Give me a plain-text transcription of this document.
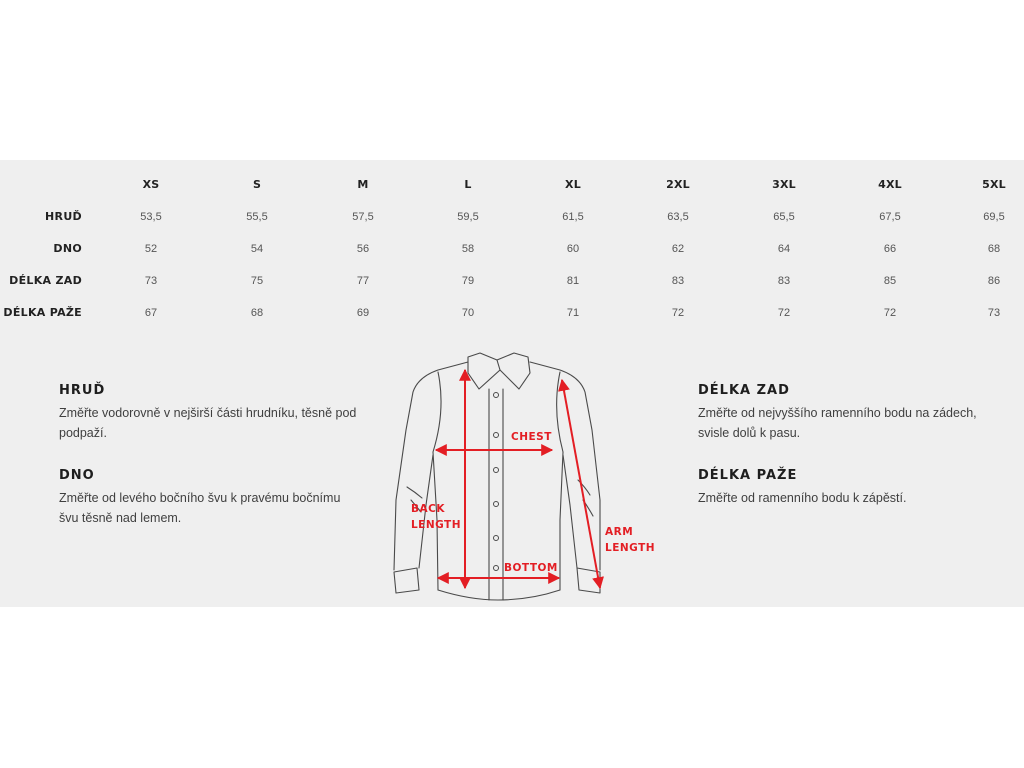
XS	S	M	L	XL	2XL	3XL	4XL	5XL
HRUĎ	53,5	55,5	57,5	59,5	61,5	63,5	65,5	67,5	69,5
DNO	52	54	56	58	60	62	64	66	68
DÉLKA ZAD	73	75	77	79	81	83	83	85	86
DÉLKA PAŽE	67	68	69	70	71	72	72	72	73
HRUĎ

Změřte vodorovně v nejširší části hrudníku, těsně pod podpaží.

DNO

Změřte od levého bočního švu k pravému bočnímu švu těsně nad lemem.

DÉLKA ZAD

Změřte od nejvyššího ramenního bodu na zádech, svisle dolů k pasu.

DÉLKA PAŽE

Změřte od ramenního bodu k zápěstí.

CHEST
BACK
LENGTH
BOTTOM
ARM
LENGTH
